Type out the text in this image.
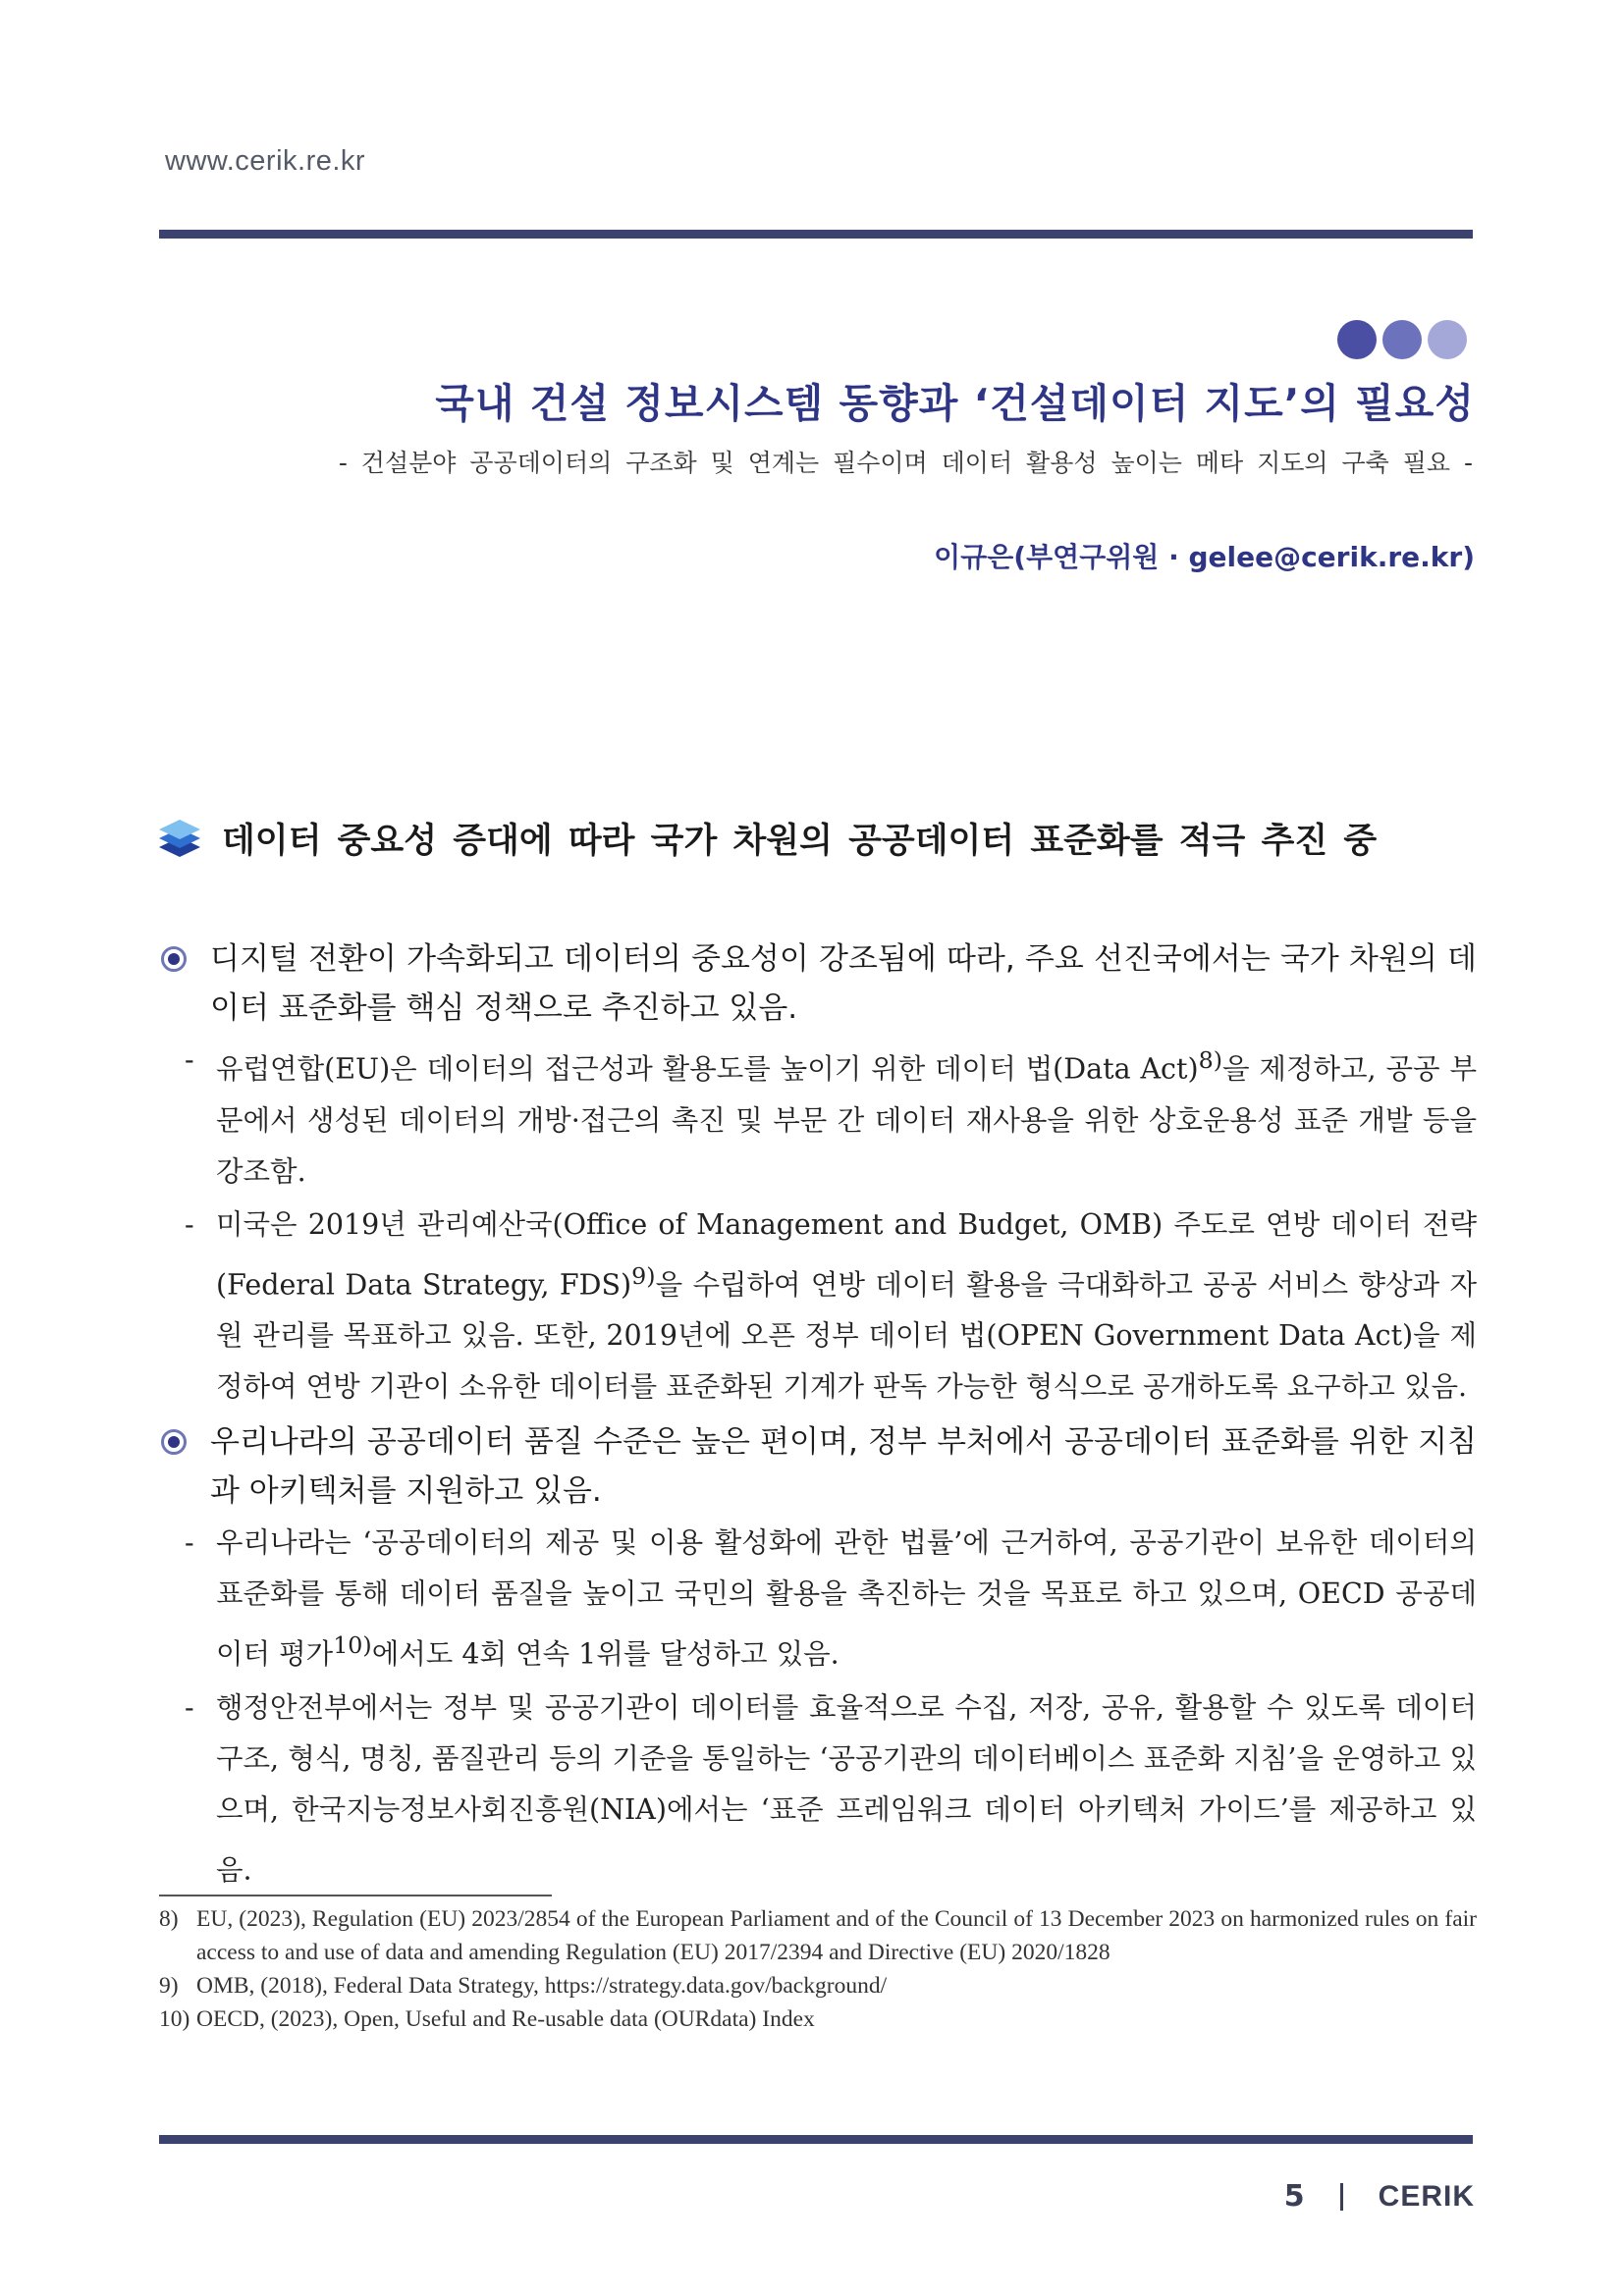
www.cerik.re.kr
국내 건설 정보시스템 동향과 ‘건설데이터 지도’의 필요성
- 건설분야 공공데이터의 구조화 및 연계는 필수이며 데이터 활용성 높이는 메타 지도의 구축 필요 -
이규은(부연구위원 · gelee@cerik.re.kr)
데이터 중요성 증대에 따라 국가 차원의 공공데이터 표준화를 적극 추진 중
디지털 전환이 가속화되고 데이터의 중요성이 강조됨에 따라, 주요 선진국에서는 국가 차원의 데이터 표준화를 핵심 정책으로 추진하고 있음.
- 유럽연합(EU)은 데이터의 접근성과 활용도를 높이기 위한 데이터 법(Data Act)$^{8)}$을 제정하고, 공공 부문에서 생성된 데이터의 개방·접근의 촉진 및 부문 간 데이터 재사용을 위한 상호운용성 표준 개발 등을 강조함.
- 미국은 2019년 관리예산국(Office of Management and Budget, OMB) 주도로 연방 데이터 전략(Federal Data Strategy, FDS)$^{9)}$을 수립하여 연방 데이터 활용을 극대화하고 공공 서비스 향상과 자원 관리를 목표하고 있음. 또한, 2019년에 오픈 정부 데이터 법(OPEN Government Data Act)을 제정하여 연방 기관이 소유한 데이터를 표준화된 기계가 판독 가능한 형식으로 공개하도록 요구하고 있음.
우리나라의 공공데이터 품질 수준은 높은 편이며, 정부 부처에서 공공데이터 표준화를 위한 지침과 아키텍처를 지원하고 있음.
- 우리나라는 ‘공공데이터의 제공 및 이용 활성화에 관한 법률’에 근거하여, 공공기관이 보유한 데이터의 표준화를 통해 데이터 품질을 높이고 국민의 활용을 촉진하는 것을 목표로 하고 있으며, OECD 공공데이터 평가$^{10)}$에서도 4회 연속 1위를 달성하고 있음.
- 행정안전부에서는 정부 및 공공기관이 데이터를 효율적으로 수집, 저장, 공유, 활용할 수 있도록 데이터 구조, 형식, 명칭, 품질관리 등의 기준을 통일하는 ‘공공기관의 데이터베이스 표준화 지침’을 운영하고 있으며, 한국지능정보사회진흥원(NIA)에서는 ‘표준 프레임워크 데이터 아키텍처 가이드’를 제공하고 있음.
8) EU, (2023), Regulation (EU) 2023/2854 of the European Parliament and of the Council of 13 December 2023 on harmonized rules on fair access to and use of data and amending Regulation (EU) 2017/2394 and Directive (EU) 2020/1828
9) OMB, (2018), Federal Data Strategy, https://strategy.data.gov/background/
10) OECD, (2023), Open, Useful and Re-usable data (OURdata) Index
5	CERIK
